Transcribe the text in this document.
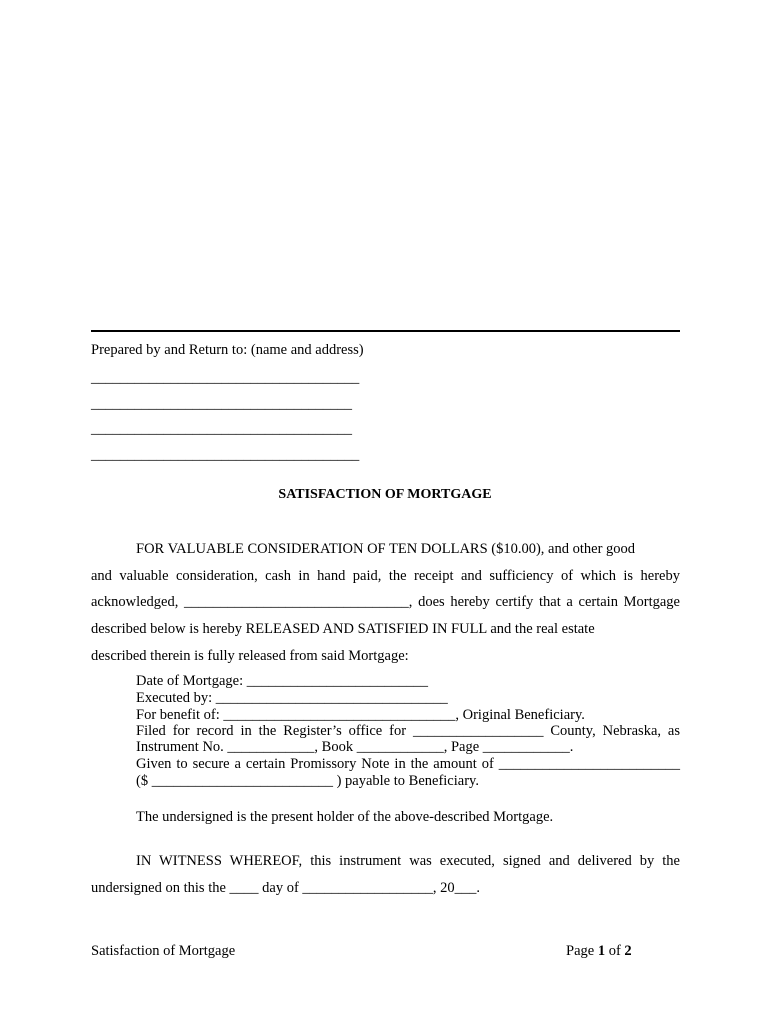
Prepared by and Return to: (name and address)
_____________________________________
____________________________________
____________________________________
_____________________________________
SATISFACTION OF MORTGAGE
FOR VALUABLE CONSIDERATION OF TEN DOLLARS ($10.00), and other good
and valuable consideration, cash in hand paid, the receipt and sufficiency of which is hereby
acknowledged, _______________________________, does hereby certify that a certain Mortgage
described below is hereby RELEASED AND SATISFIED IN FULL and the real estate
described therein is fully released from said Mortgage:
Date of Mortgage: _________________________
Executed by: ________________________________
For benefit of: ________________________________, Original Beneficiary.
Filed for record in the Register’s office for __________________ County, Nebraska, as
Instrument No. ____________, Book ____________, Page ____________.
Given to secure a certain Promissory Note in the amount of _________________________
($ _________________________ ) payable to Beneficiary.
The undersigned is the present holder of the above-described Mortgage.
IN WITNESS WHEREOF, this instrument was executed, signed and delivered by the
undersigned on this the ____ day of __________________, 20___.
Satisfaction of Mortgage	Page 1 of 2
